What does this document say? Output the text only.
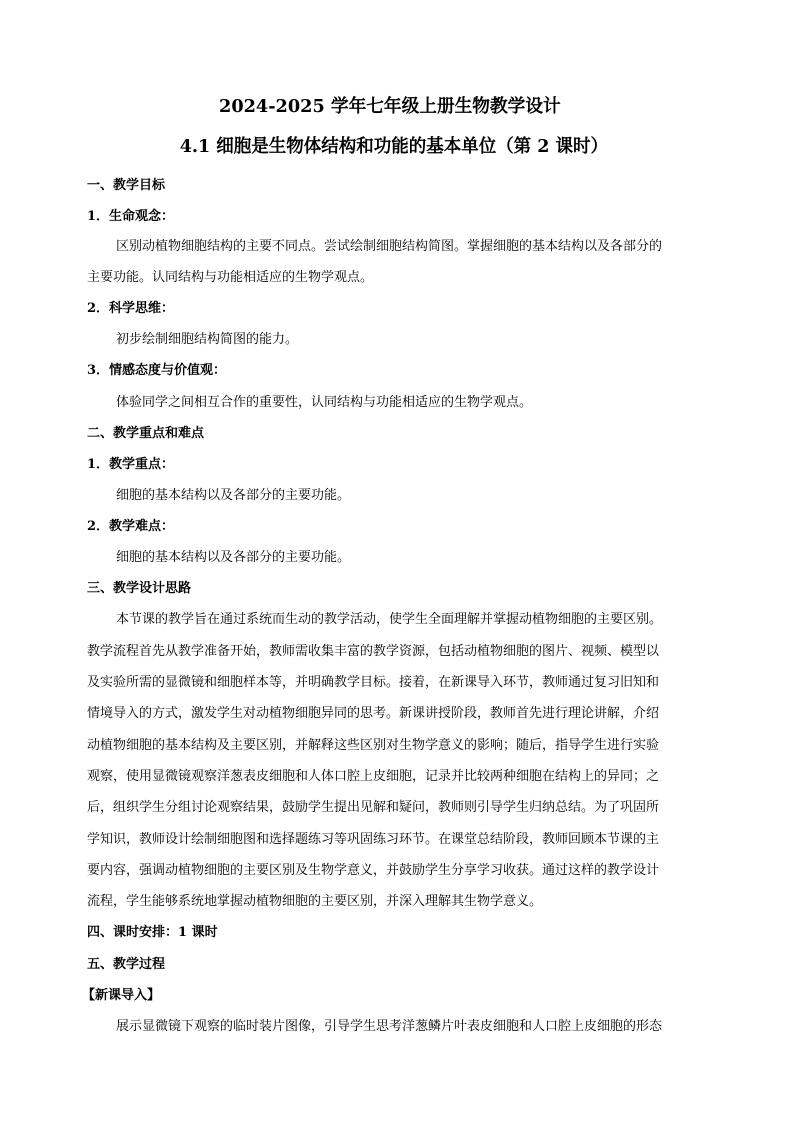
2024-2025 学年七年级上册生物教学设计
4.1 细胞是生物体结构和功能的基本单位（第 2 课时）
一、教学目标
1．生命观念：
区别动植物细胞结构的主要不同点。尝试绘制细胞结构简图。掌握细胞的基本结构以及各部分的
主要功能。认同结构与功能相适应的生物学观点。
2．科学思维：
初步绘制细胞结构简图的能力。
3．情感态度与价值观：
体验同学之间相互合作的重要性，认同结构与功能相适应的生物学观点。
二、教学重点和难点
1．教学重点：
细胞的基本结构以及各部分的主要功能。
2．教学难点：
细胞的基本结构以及各部分的主要功能。
三、教学设计思路
本节课的教学旨在通过系统而生动的教学活动，使学生全面理解并掌握动植物细胞的主要区别。
教学流程首先从教学准备开始，教师需收集丰富的教学资源，包括动植物细胞的图片、视频、模型以
及实验所需的显微镜和细胞样本等，并明确教学目标。接着，在新课导入环节，教师通过复习旧知和
情境导入的方式，激发学生对动植物细胞异同的思考。新课讲授阶段，教师首先进行理论讲解，介绍
动植物细胞的基本结构及主要区别，并解释这些区别对生物学意义的影响；随后，指导学生进行实验
观察，使用显微镜观察洋葱表皮细胞和人体口腔上皮细胞，记录并比较两种细胞在结构上的异同；之
后，组织学生分组讨论观察结果，鼓励学生提出见解和疑问，教师则引导学生归纳总结。为了巩固所
学知识，教师设计绘制细胞图和选择题练习等巩固练习环节。在课堂总结阶段，教师回顾本节课的主
要内容，强调动植物细胞的主要区别及生物学意义，并鼓励学生分享学习收获。通过这样的教学设计
流程，学生能够系统地掌握动植物细胞的主要区别，并深入理解其生物学意义。
四、课时安排：1 课时
五、教学过程
【新课导入】
展示显微镜下观察的临时装片图像，引导学生思考洋葱鳞片叶表皮细胞和人口腔上皮细胞的形态
